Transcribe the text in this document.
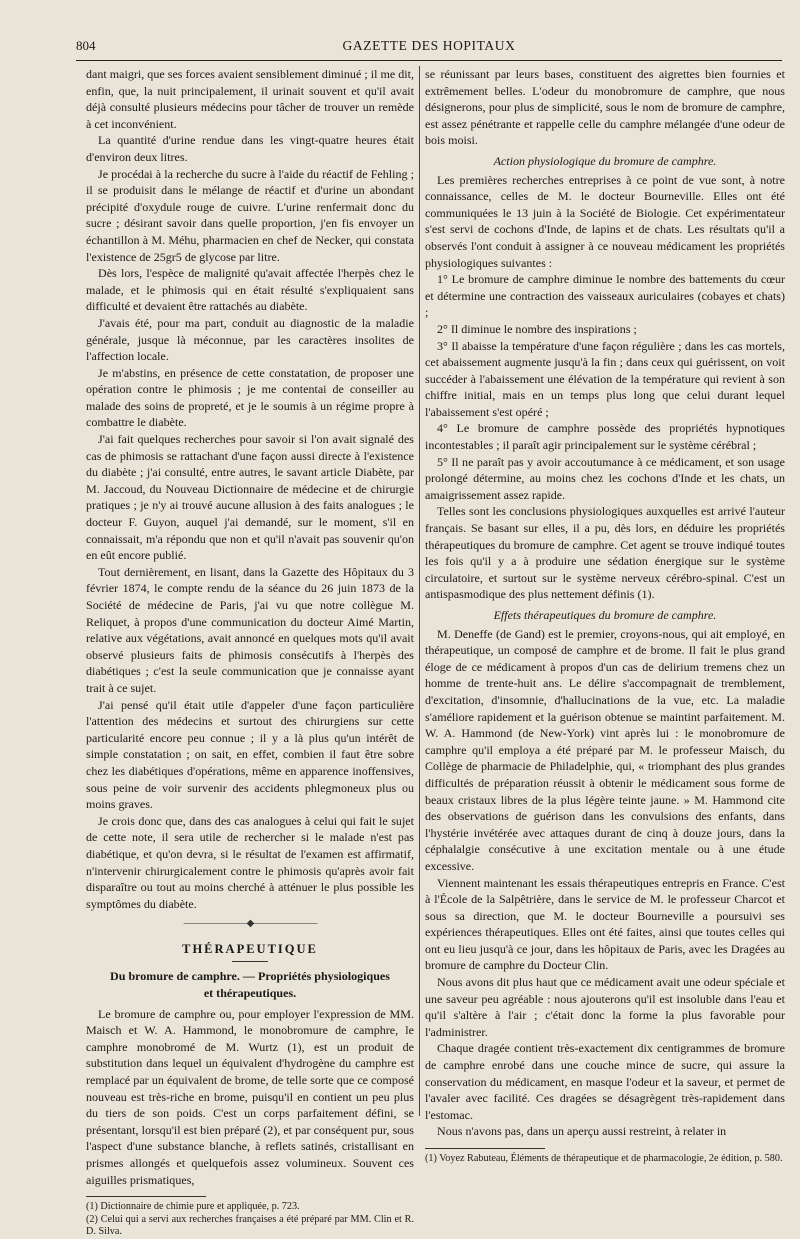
804	GAZETTE DES HOPITAUX

dant maigri, que ses forces avaient sensiblement diminué ; il me dit, enfin, que, la nuit principalement, il urinait souvent et qu'il avait déjà consulté plusieurs médecins pour tâcher de trouver un remède à cet inconvénient.

La quantité d'urine rendue dans les vingt-quatre heures était d'environ deux litres.

Je procédai à la recherche du sucre à l'aide du réactif de Fehling ; il se produisit dans le mélange de réactif et d'urine un abondant précipité d'oxydule rouge de cuivre. L'urine renfermait donc du sucre ; désirant savoir dans quelle proportion, j'en fis envoyer un échantillon à M. Méhu, pharmacien en chef de Necker, qui constata l'existence de 25gr5 de glycose par litre.

Dès lors, l'espèce de malignité qu'avait affectée l'herpès chez le malade, et le phimosis qui en était résulté s'expliquaient sans difficulté et devaient être rattachés au diabète.

J'avais été, pour ma part, conduit au diagnostic de la maladie générale, jusque là méconnue, par les caractères insolites de l'affection locale.

Je m'abstins, en présence de cette constatation, de proposer une opération contre le phimosis ; je me contentai de conseiller au malade des soins de propreté, et je le soumis à un régime propre à combattre le diabète.

J'ai fait quelques recherches pour savoir si l'on avait signalé des cas de phimosis se rattachant d'une façon aussi directe à l'existence du diabète ; j'ai consulté, entre autres, le savant article Diabète, par M. Jaccoud, du Nouveau Dictionnaire de médecine et de chirurgie pratiques ; je n'y ai trouvé aucune allusion à des faits analogues ; le docteur F. Guyon, auquel j'ai demandé, sur le moment, s'il en connaissait, m'a répondu que non et qu'il n'avait pas souvenir qu'on en eût encore publié.

Tout dernièrement, en lisant, dans la Gazette des Hôpitaux du 3 février 1874, le compte rendu de la séance du 26 juin 1873 de la Société de médecine de Paris, j'ai vu que notre collègue M. Reliquet, à propos d'une communication du docteur Aimé Martin, relative aux végétations, avait annoncé en quelques mots qu'il avait observé plusieurs faits de phimosis consécutifs à l'herpès des diabétiques ; c'est la seule communication que je connaisse ayant trait à ce sujet.

J'ai pensé qu'il était utile d'appeler d'une façon particulière l'attention des médecins et surtout des chirurgiens sur cette particularité encore peu connue ; il y a là plus qu'un intérêt de simple constatation ; on sait, en effet, combien il faut être sobre chez les diabétiques d'opérations, même en apparence inoffensives, sous peine de voir survenir des accidents phlegmoneux plus ou moins graves.

Je crois donc que, dans des cas analogues à celui qui fait le sujet de cette note, il sera utile de rechercher si le malade n'est pas diabétique, et qu'on devra, si le résultat de l'examen est affirmatif, n'intervenir chirurgicalement contre le phimosis qu'après avoir fait disparaître ou tout au moins cherché à atténuer le plus possible les symptômes du diabète.

———————◆———————
THÉRAPEUTIQUE

Du bromure de camphre. — Propriétés physiologiques
et thérapeutiques.

Le bromure de camphre ou, pour employer l'expression de MM. Maisch et W. A. Hammond, le monobromure de camphre, le camphre monobromé de M. Wurtz (1), est un produit de substitution dans lequel un équivalent d'hydrogène du camphre est remplacé par un équivalent de brome, de telle sorte que ce composé nouveau est très-riche en brome, puisqu'il en contient un peu plus du tiers de son poids. C'est un corps parfaitement défini, se présentant, lorsqu'il est bien préparé (2), et par conséquent pur, sous l'aspect d'une substance blanche, à reflets satinés, cristallisant en prismes allongés et quelquefois assez volumineux. Souvent ces aiguilles prismatiques,

(1) Dictionnaire de chimie pure et appliquée, p. 723.

(2) Celui qui a servi aux recherches françaises a été préparé par MM. Clin et R. D. Silva.

se réunissant par leurs bases, constituent des aigrettes bien fournies et extrêmement belles. L'odeur du monobromure de camphre, que nous désignerons, pour plus de simplicité, sous le nom de bromure de camphre, est assez pénétrante et rappelle celle du camphre mélangée d'une odeur de bois moisi.

Action physiologique du bromure de camphre.

Les premières recherches entreprises à ce point de vue sont, à notre connaissance, celles de M. le docteur Bourneville. Elles ont été communiquées le 13 juin à la Société de Biologie. Cet expérimentateur s'est servi de cochons d'Inde, de lapins et de chats. Les résultats qu'il a observés l'ont conduit à assigner à ce nouveau médicament les propriétés physiologiques suivantes :

1° Le bromure de camphre diminue le nombre des battements du cœur et détermine une contraction des vaisseaux auriculaires (cobayes et chats) ;

2° Il diminue le nombre des inspirations ;

3° Il abaisse la température d'une façon régulière ; dans les cas mortels, cet abaissement augmente jusqu'à la fin ; dans ceux qui guérissent, on voit succéder à l'abaissement une élévation de la température qui revient à son chiffre initial, mais en un temps plus long que celui durant lequel l'abaissement s'est opéré ;

4° Le bromure de camphre possède des propriétés hypnotiques incontestables ; il paraît agir principalement sur le système cérébral ;

5° Il ne paraît pas y avoir accoutumance à ce médicament, et son usage prolongé détermine, au moins chez les cochons d'Inde et les chats, un amaigrissement assez rapide.

Telles sont les conclusions physiologiques auxquelles est arrivé l'auteur français. Se basant sur elles, il a pu, dès lors, en déduire les propriétés thérapeutiques du bromure de camphre. Cet agent se trouve indiqué toutes les fois qu'il y a à produire une sédation énergique sur le système circulatoire, et surtout sur le système nerveux cérébro-spinal. C'est un antispasmodique des plus nettement définis (1).

Effets thérapeutiques du bromure de camphre.

M. Deneffe (de Gand) est le premier, croyons-nous, qui ait employé, en thérapeutique, un composé de camphre et de brome. Il fait le plus grand éloge de ce médicament à propos d'un cas de delirium tremens chez un homme de trente-huit ans. Le délire s'accompagnait de tremblement, d'excitation, d'insomnie, d'hallucinations de la vue, etc. La maladie s'améliore rapidement et la guérison obtenue se maintint parfaitement. M. W. A. Hammond (de New-York) vint après lui : le monobromure de camphre qu'il employa a été préparé par M. le professeur Maisch, du Collège de pharmacie de Philadelphie, qui, « triomphant des plus grandes difficultés de préparation réussit à obtenir le médicament sous forme de beaux cristaux libres de la plus légère teinte jaune. » M. Hammond cite des observations de guérison dans les convulsions des enfants, dans l'hystérie invétérée avec attaques durant de cinq à douze jours, dans la céphalalgie consécutive à une excitation mentale ou à une étude excessive.

Viennent maintenant les essais thérapeutiques entrepris en France. C'est à l'École de la Salpêtrière, dans le service de M. le professeur Charcot et sous sa direction, que M. le docteur Bourneville a poursuivi ses expériences thérapeutiques. Elles ont été faites, ainsi que toutes celles qui ont eu lieu jusqu'à ce jour, dans les hôpitaux de Paris, avec les Dragées au bromure de camphre du Docteur Clin.

Nous avons dit plus haut que ce médicament avait une odeur spéciale et une saveur peu agréable : nous ajouterons qu'il est insoluble dans l'eau et qu'il s'altère à l'air ; c'était donc la forme la plus favorable pour l'administrer.

Chaque dragée contient très-exactement dix centigrammes de bromure de camphre enrobé dans une couche mince de sucre, qui assure la conservation du médicament, en masque l'odeur et la saveur, et permet de l'avaler avec facilité. Ces dragées se désagrègent très-rapidement dans l'estomac.

Nous n'avons pas, dans un aperçu aussi restreint, à relater in

(1) Voyez Rabuteau, Éléments de thérapeutique et de pharmacologie, 2e édition, p. 580.
